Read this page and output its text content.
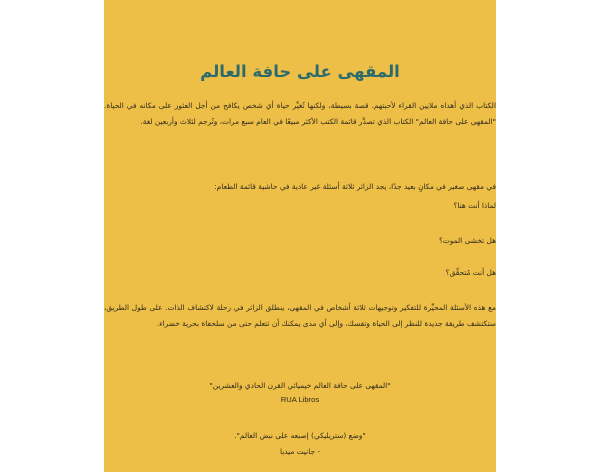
المقهى على حافة العالم

الكتاب الذي أهداه ملايين القراء لأحبتهم. قصة بسيطة، ولكنها تُغيِّر حياة أي شخص يكافح من أجل العثور على مكانه في الحياة. "المقهى على حافة العالم" الكتاب الذي تصدَّر قائمة الكتب الأكثر مبيعًا في العام سبع مرات، وتُرجم لثلاث وأربعين لغة.

في مقهى صغير في مكانٍ بعيد جدًا، يجد الزائر ثلاثة أسئلة غير عادية في حاشية قائمة الطعام:

لماذا أنت هنا؟

هل تخشى الموت؟

هل أنت مُتحقِّق؟

مع هذه الأسئلة المحيِّرة للتفكير وتوجيهات ثلاثة أشخاص في المقهى، ينطلق الزائر في رحلة لاكتشاف الذات. على طول الطريق، ستكتشف طريقة جديدة للنظر إلى الحياة وتفسك، وإلى أي مدى يمكنك أن تتعلم حتى من سلحفاة بحرية خضراء.

"المقهى على حافة العالم خيميائي القرن الحادي والعشرين"

RUA Libros

"وضع (ستريليكي) إصبعه على نبض العالم".

- جانيت ميديا
